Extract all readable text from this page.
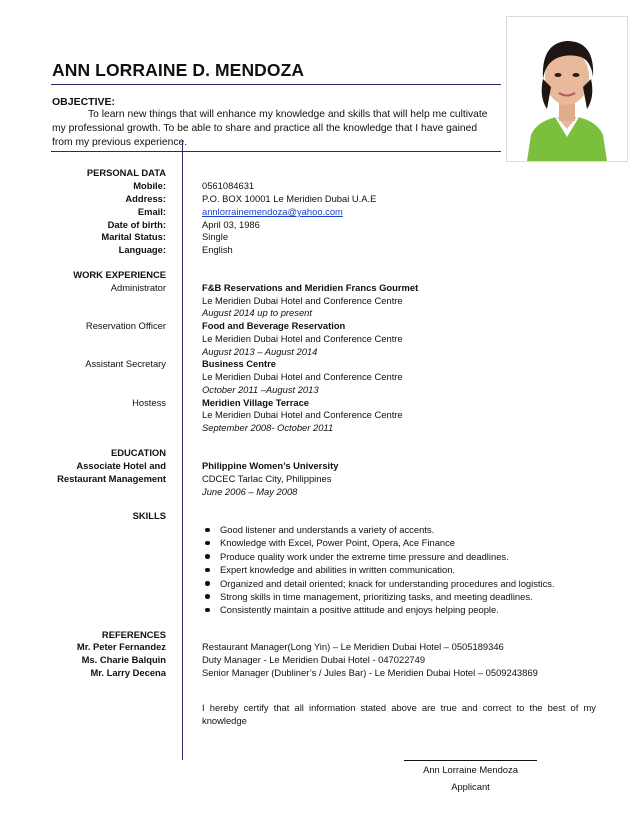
ANN LORRAINE D. MENDOZA
OBJECTIVE:
To learn new things that will enhance my knowledge and skills that will help me cultivate
my professional growth. To be able to share and practice all the knowledge that I have gained
from my previous experience.
PERSONAL DATA
Mobile:	0561084631
Address:	P.O. BOX 10001 Le Meridien Dubai U.A.E
Email:	annlorrainemendoza@yahoo.com
Date of birth:	April 03, 1986
Marital Status:	Single
Language:	English
WORK EXPERIENCE
Administrator	F&B Reservations and Meridien Francs Gourmet
Le Meridien Dubai Hotel and Conference Centre
August 2014 up to present
Reservation Officer	Food and Beverage Reservation
Le Meridien Dubai Hotel and Conference Centre
August 2013 – August 2014
Assistant Secretary	Business Centre
Le Meridien Dubai Hotel and Conference Centre
October 2011 –August 2013
Hostess	Meridien Village Terrace
Le Meridien Dubai Hotel and Conference Centre
September 2008- October 2011
EDUCATION
Associate Hotel and	Philippine Women’s University
Restaurant Management	CDCEC Tarlac City, Philippines
June 2006 – May 2008
SKILLS
Good listener and understands a variety of accents.
Knowledge with Excel, Power Point, Opera, Ace Finance
Produce quality work under the extreme time pressure and deadlines.
Expert knowledge and abilities in written communication.
Organized and detail oriented; knack for understanding procedures and logistics.
Strong skills in time management, prioritizing tasks, and meeting deadlines.
Consistently maintain a positive attitude and enjoys helping people.
REFERENCES
Mr. Peter Fernandez	Restaurant Manager(Long Yin) – Le Meridien Dubai Hotel – 0505189346
Ms. Charie Balquin	Duty Manager - Le Meridien Dubai Hotel - 047022749
Mr. Larry Decena	Senior Manager (Dubliner’s / Jules Bar) - Le Meridien Dubai Hotel – 0509243869
I hereby certify that all information stated above are true and correct to the best of my knowledge
Ann Lorraine Mendoza
Applicant
